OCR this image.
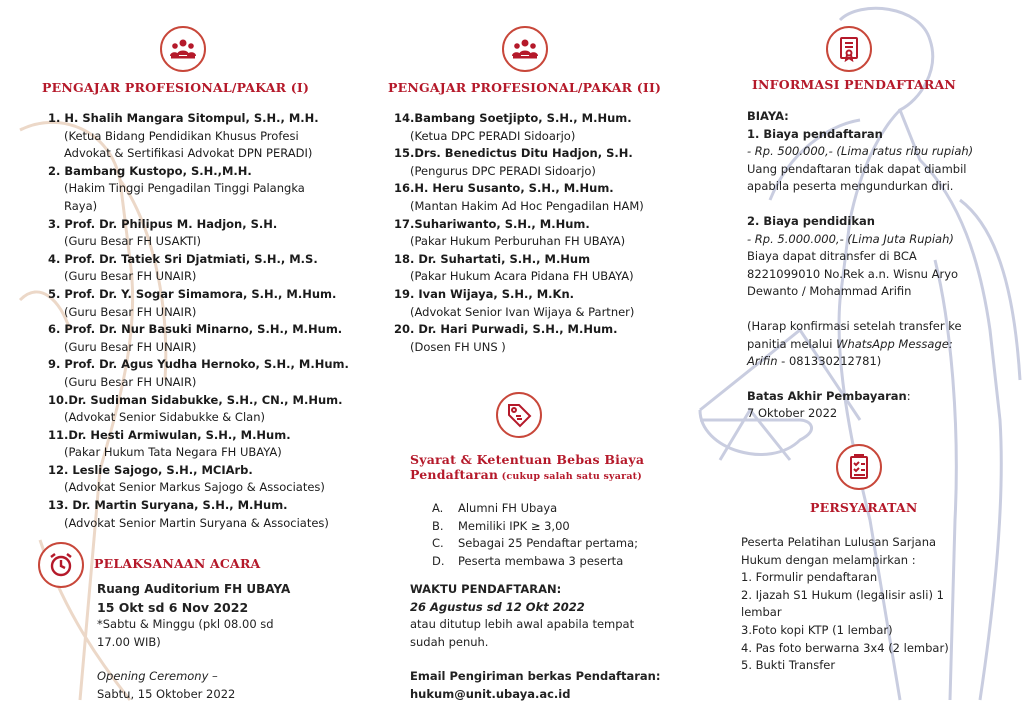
PENGAJAR PROFESIONAL/PAKAR (I)
1. H. Shalih Mangara Sitompul, S.H., M.H.
(Ketua Bidang Pendidikan Khusus Profesi
Advokat & Sertifikasi Advokat DPN PERADI)
2. Bambang Kustopo, S.H.,M.H.
(Hakim Tinggi Pengadilan Tinggi Palangka
Raya)
3. Prof. Dr. Philipus M. Hadjon, S.H.
(Guru Besar FH USAKTI)
4. Prof. Dr. Tatiek Sri Djatmiati, S.H., M.S.
(Guru Besar FH UNAIR)
5. Prof. Dr. Y. Sogar Simamora, S.H., M.Hum.
(Guru Besar FH UNAIR)
6. Prof. Dr. Nur Basuki Minarno, S.H., M.Hum.
(Guru Besar FH UNAIR)
9. Prof. Dr. Agus Yudha Hernoko, S.H., M.Hum.
(Guru Besar FH UNAIR)
10.Dr. Sudiman Sidabukke, S.H., CN., M.Hum.
(Advokat Senior Sidabukke & Clan)
11.Dr. Hesti Armiwulan, S.H., M.Hum.
(Pakar Hukum Tata Negara FH UBAYA)
12. Leslie Sajogo, S.H., MCIArb.
(Advokat Senior Markus Sajogo & Associates)
13. Dr. Martin Suryana, S.H., M.Hum.
(Advokat Senior Martin Suryana & Associates)
PELAKSANAAN ACARA
Ruang Auditorium FH UBAYA
15 Okt sd 6 Nov 2022
*Sabtu & Minggu (pkl 08.00 sd
17.00 WIB)
Opening Ceremony –
Sabtu, 15 Oktober 2022
PENGAJAR PROFESIONAL/PAKAR (II)
14.Bambang Soetjipto, S.H., M.Hum.
(Ketua DPC PERADI Sidoarjo)
15.Drs. Benedictus Ditu Hadjon, S.H.
(Pengurus DPC PERADI Sidoarjo)
16.H. Heru Susanto, S.H., M.Hum.
(Mantan Hakim Ad Hoc Pengadilan HAM)
17.Suhariwanto, S.H., M.Hum.
(Pakar Hukum Perburuhan FH UBAYA)
18. Dr. Suhartati, S.H., M.Hum
(Pakar Hukum Acara Pidana FH UBAYA)
19. Ivan Wijaya, S.H., M.Kn.
(Advokat Senior Ivan Wijaya & Partner)
20. Dr. Hari Purwadi, S.H., M.Hum.
(Dosen FH UNS )
Syarat & Ketentuan Bebas Biaya
Pendaftaran (cukup salah satu syarat)
A.	Alumni FH Ubaya
B.	Memiliki IPK ≥ 3,00
C.	Sebagai 25 Pendaftar pertama;
D.	Peserta membawa 3 peserta
WAKTU PENDAFTARAN:
26 Agustus sd 12 Okt 2022
atau ditutup lebih awal apabila tempat
sudah penuh.
Email Pengiriman berkas Pendaftaran:
hukum@unit.ubaya.ac.id
INFORMASI PENDAFTARAN
BIAYA:
1. Biaya pendaftaran
- Rp. 500.000,- (Lima ratus ribu rupiah)
Uang pendaftaran tidak dapat diambil
apabila peserta mengundurkan diri.
2. Biaya pendidikan
- Rp. 5.000.000,- (Lima Juta Rupiah)
Biaya dapat ditransfer di BCA
8221099010 No.Rek a.n. Wisnu Aryo
Dewanto / Mohammad Arifin
(Harap konfirmasi setelah transfer ke
panitia melalui WhatsApp Message:
Arifin - 081330212781)
Batas Akhir Pembayaran:
7 Oktober 2022
PERSYARATAN
Peserta Pelatihan Lulusan Sarjana
Hukum dengan melampirkan :
1. Formulir pendaftaran
2. Ijazah S1 Hukum (legalisir asli) 1
lembar
3.Foto kopi KTP (1 lembar)
4. Pas foto berwarna 3x4 (2 lembar)
5. Bukti Transfer
